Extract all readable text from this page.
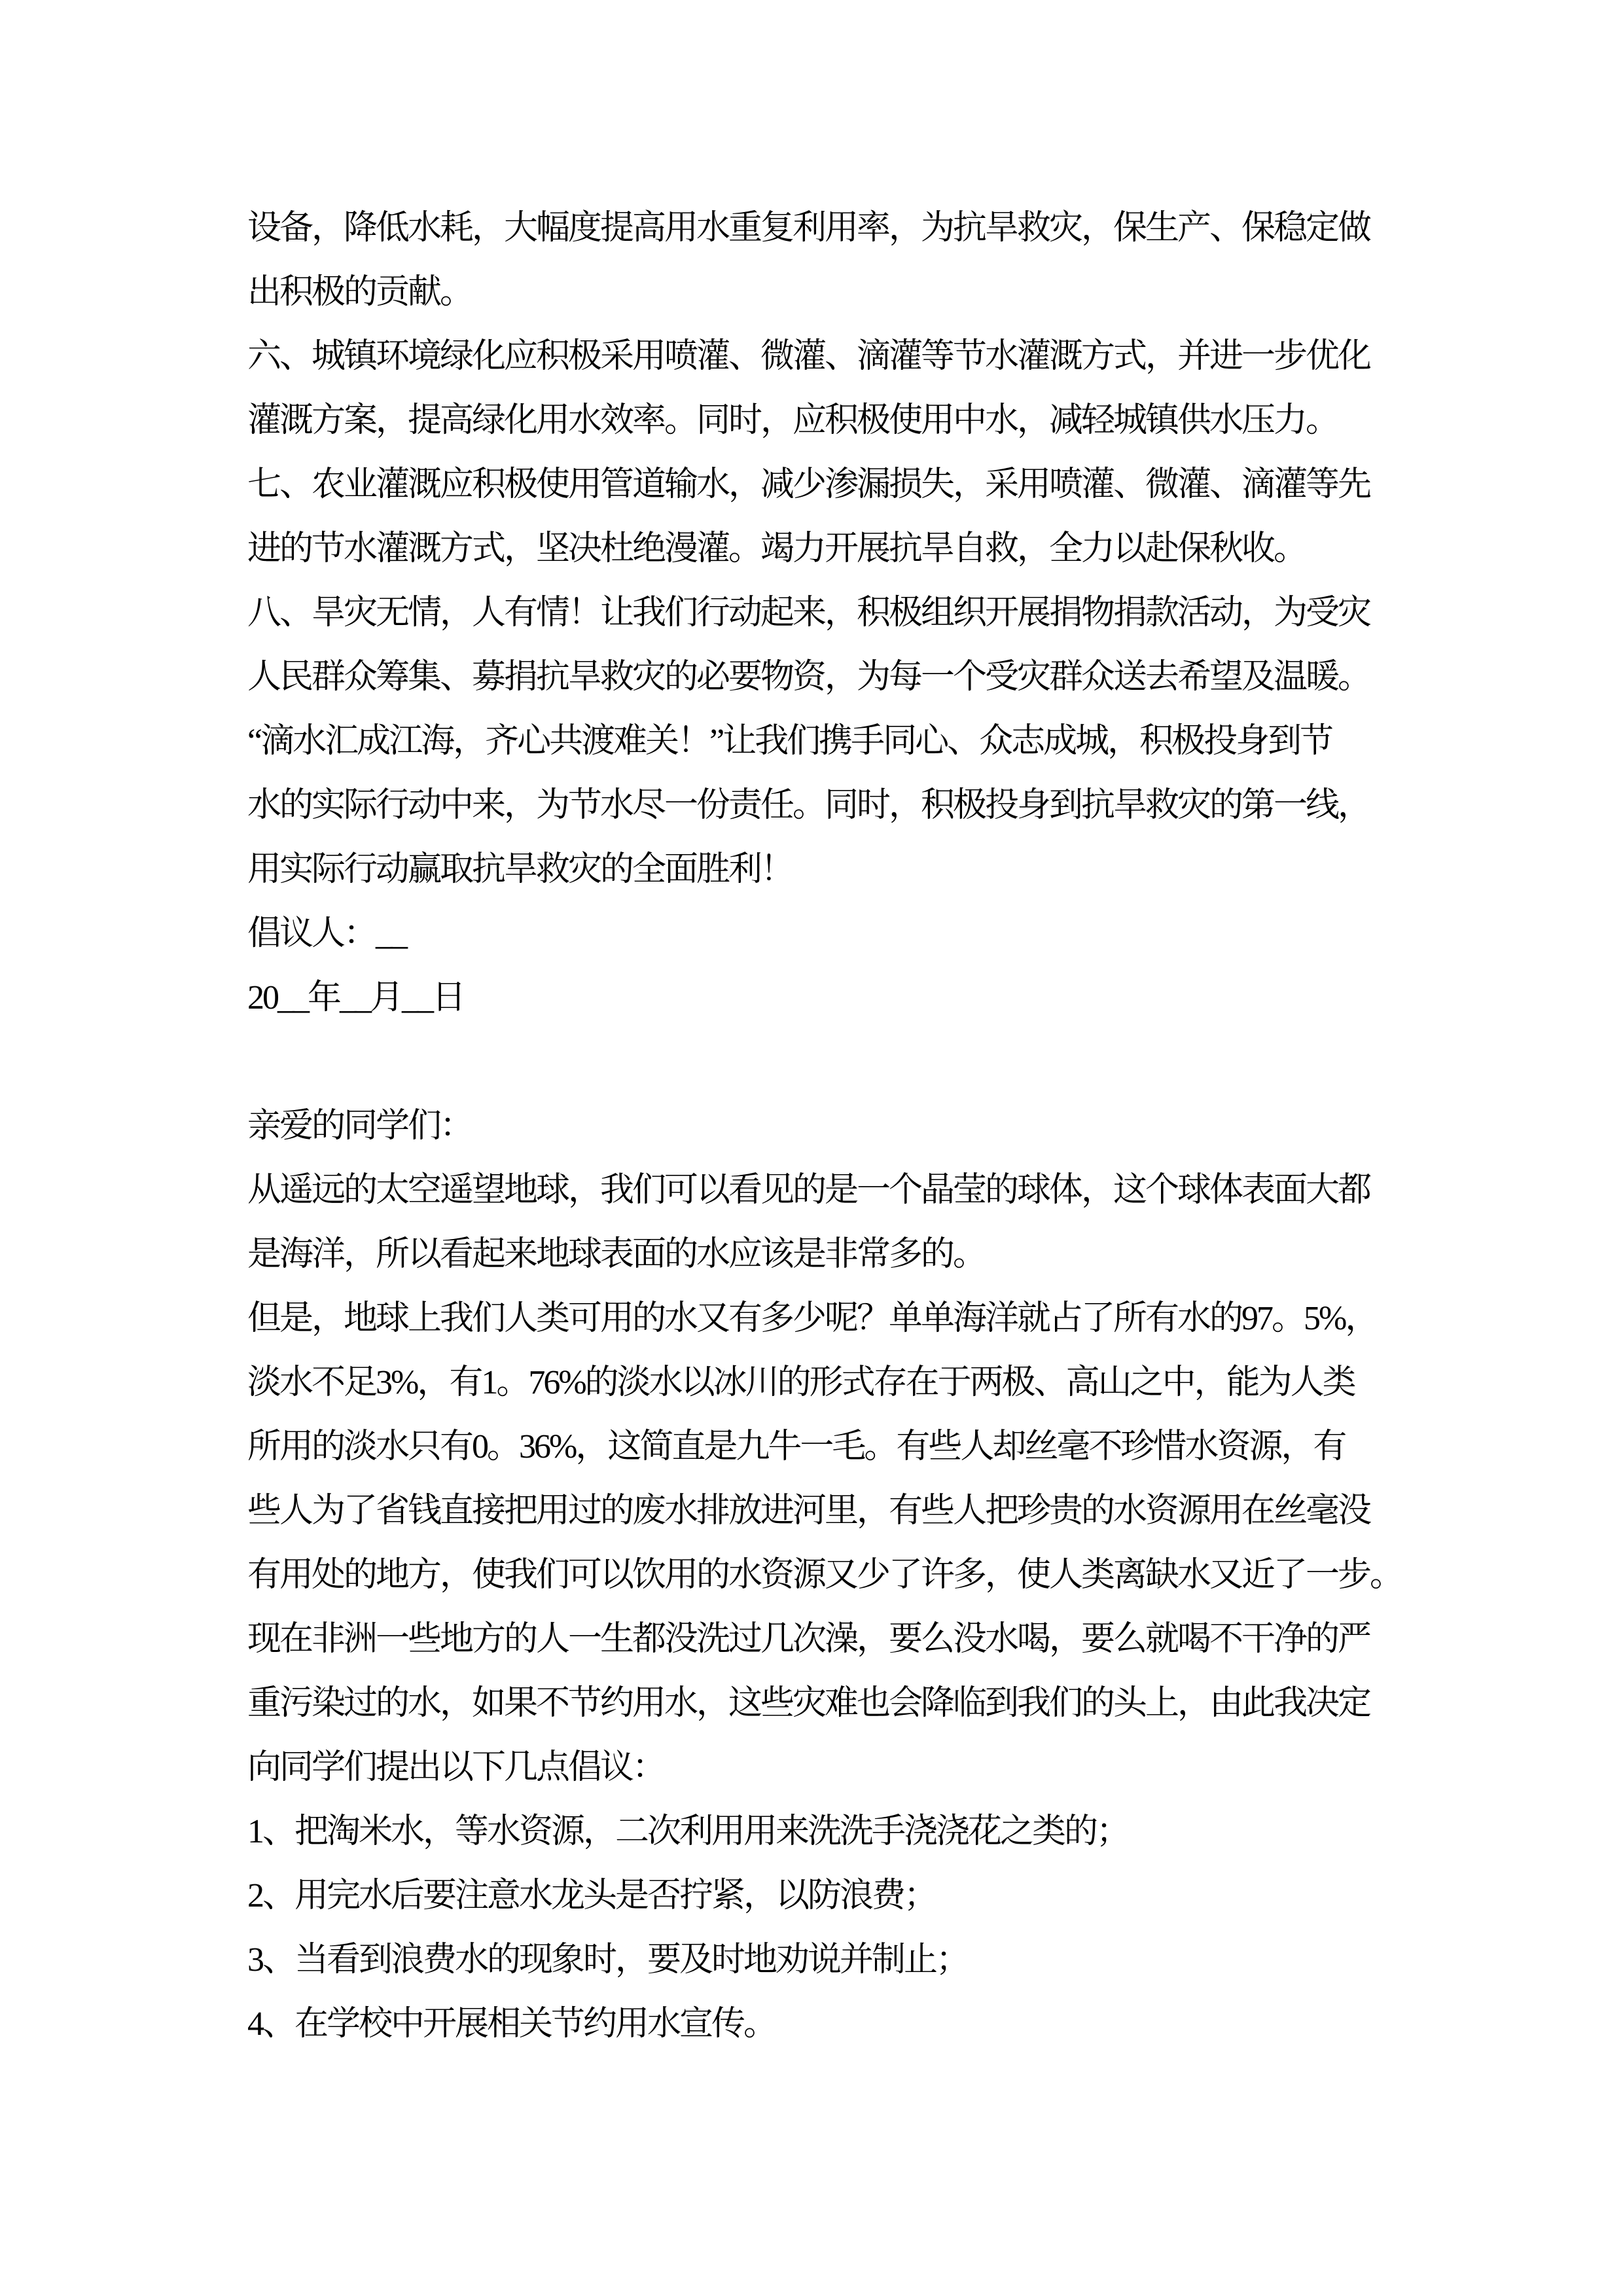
设备，降低水耗，大幅度提高用水重复利用率，为抗旱救灾，保生产、保稳定做
出积极的贡献。
六、城镇环境绿化应积极采用喷灌、微灌、滴灌等节水灌溉方式，并进一步优化
灌溉方案，提高绿化用水效率。同时，应积极使用中水，减轻城镇供水压力。
七、农业灌溉应积极使用管道输水，减少渗漏损失，采用喷灌、微灌、滴灌等先
进的节水灌溉方式，坚决杜绝漫灌。竭力开展抗旱自救，全力以赴保秋收。
八、旱灾无情，人有情！让我们行动起来，积极组织开展捐物捐款活动，为受灾
人民群众筹集、募捐抗旱救灾的必要物资，为每一个受灾群众送去希望及温暖。
“滴水汇成江海，齐心共渡难关！”让我们携手同心、众志成城，积极投身到节
水的实际行动中来，为节水尽一份责任。同时，积极投身到抗旱救灾的第一线，
用实际行动赢取抗旱救灾的全面胜利！
倡议人：__
20__年__月__日
亲爱的同学们：
从遥远的太空遥望地球，我们可以看见的是一个晶莹的球体，这个球体表面大都
是海洋，所以看起来地球表面的水应该是非常多的。
但是，地球上我们人类可用的水又有多少呢？单单海洋就占了所有水的97。5%，
淡水不足3%，有1。76%的淡水以冰川的形式存在于两极、高山之中，能为人类
所用的淡水只有0。36%，这简直是九牛一毛。有些人却丝毫不珍惜水资源，有
些人为了省钱直接把用过的废水排放进河里，有些人把珍贵的水资源用在丝毫没
有用处的地方，使我们可以饮用的水资源又少了许多，使人类离缺水又近了一步。
现在非洲一些地方的人一生都没洗过几次澡，要么没水喝，要么就喝不干净的严
重污染过的水，如果不节约用水，这些灾难也会降临到我们的头上，由此我决定
向同学们提出以下几点倡议：
1、把淘米水，等水资源，二次利用用来洗洗手浇浇花之类的；
2、用完水后要注意水龙头是否拧紧，以防浪费；
3、当看到浪费水的现象时，要及时地劝说并制止；
4、在学校中开展相关节约用水宣传。
